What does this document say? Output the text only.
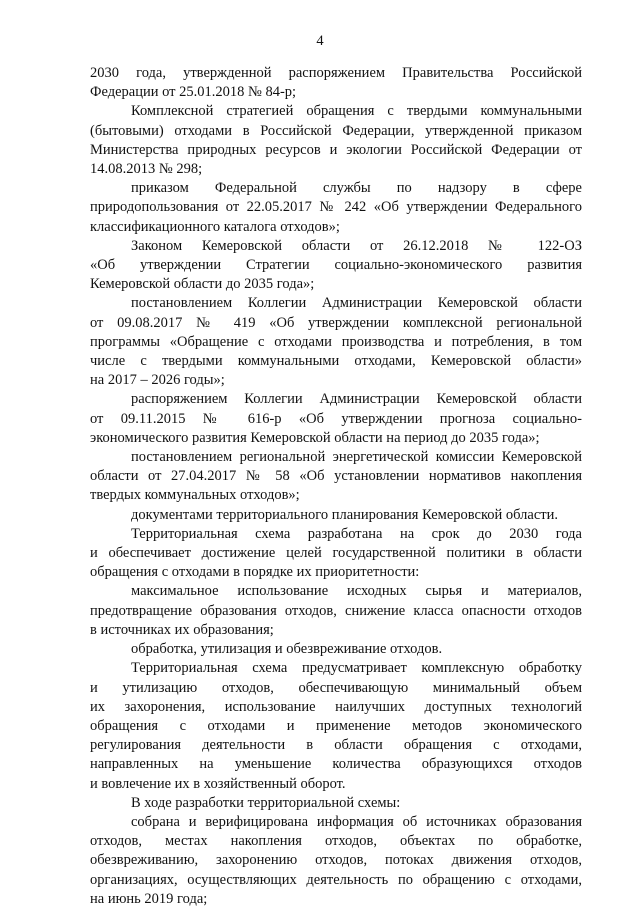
4
2030 года, утвержденной распоряжением Правительства Российской
Федерации от 25.01.2018 № 84-р;
Комплексной стратегией обращения с твердыми коммунальными
(бытовыми) отходами в Российской Федерации, утвержденной приказом
Министерства природных ресурсов и экологии Российской Федерации от
14.08.2013 № 298;
приказом Федеральной службы по надзору в сфере
природопользования от 22.05.2017 № 242 «Об утверждении Федерального
классификационного каталога отходов»;
Законом Кемеровской области от 26.12.2018 № 122-ОЗ
«Об утверждении Стратегии социально-экономического развития
Кемеровской области до 2035 года»;
постановлением Коллегии Администрации Кемеровской области
от 09.08.2017 № 419 «Об утверждении комплексной региональной
программы «Обращение с отходами производства и потребления, в том
числе с твердыми коммунальными отходами, Кемеровской области»
на 2017 – 2026 годы»;
распоряжением Коллегии Администрации Кемеровской области
от 09.11.2015 № 616-р «Об утверждении прогноза социально-
экономического развития Кемеровской области на период до 2035 года»;
постановлением региональной энергетической комиссии Кемеровской
области от 27.04.2017 № 58 «Об установлении нормативов накопления
твердых коммунальных отходов»;
документами территориального планирования Кемеровской области.
Территориальная схема разработана на срок до 2030 года
и обеспечивает достижение целей государственной политики в области
обращения с отходами в порядке их приоритетности:
максимальное использование исходных сырья и материалов,
предотвращение образования отходов, снижение класса опасности отходов
в источниках их образования;
обработка, утилизация и обезвреживание отходов.
Территориальная схема предусматривает комплексную обработку
и утилизацию отходов, обеспечивающую минимальный объем
их захоронения, использование наилучших доступных технологий
обращения с отходами и применение методов экономического
регулирования деятельности в области обращения с отходами,
направленных на уменьшение количества образующихся отходов
и вовлечение их в хозяйственный оборот.
В ходе разработки территориальной схемы:
собрана и верифицирована информация об источниках образования
отходов, местах накопления отходов, объектах по обработке,
обезвреживанию, захоронению отходов, потоках движения отходов,
организациях, осуществляющих деятельность по обращению с отходами,
на июнь 2019 года;
